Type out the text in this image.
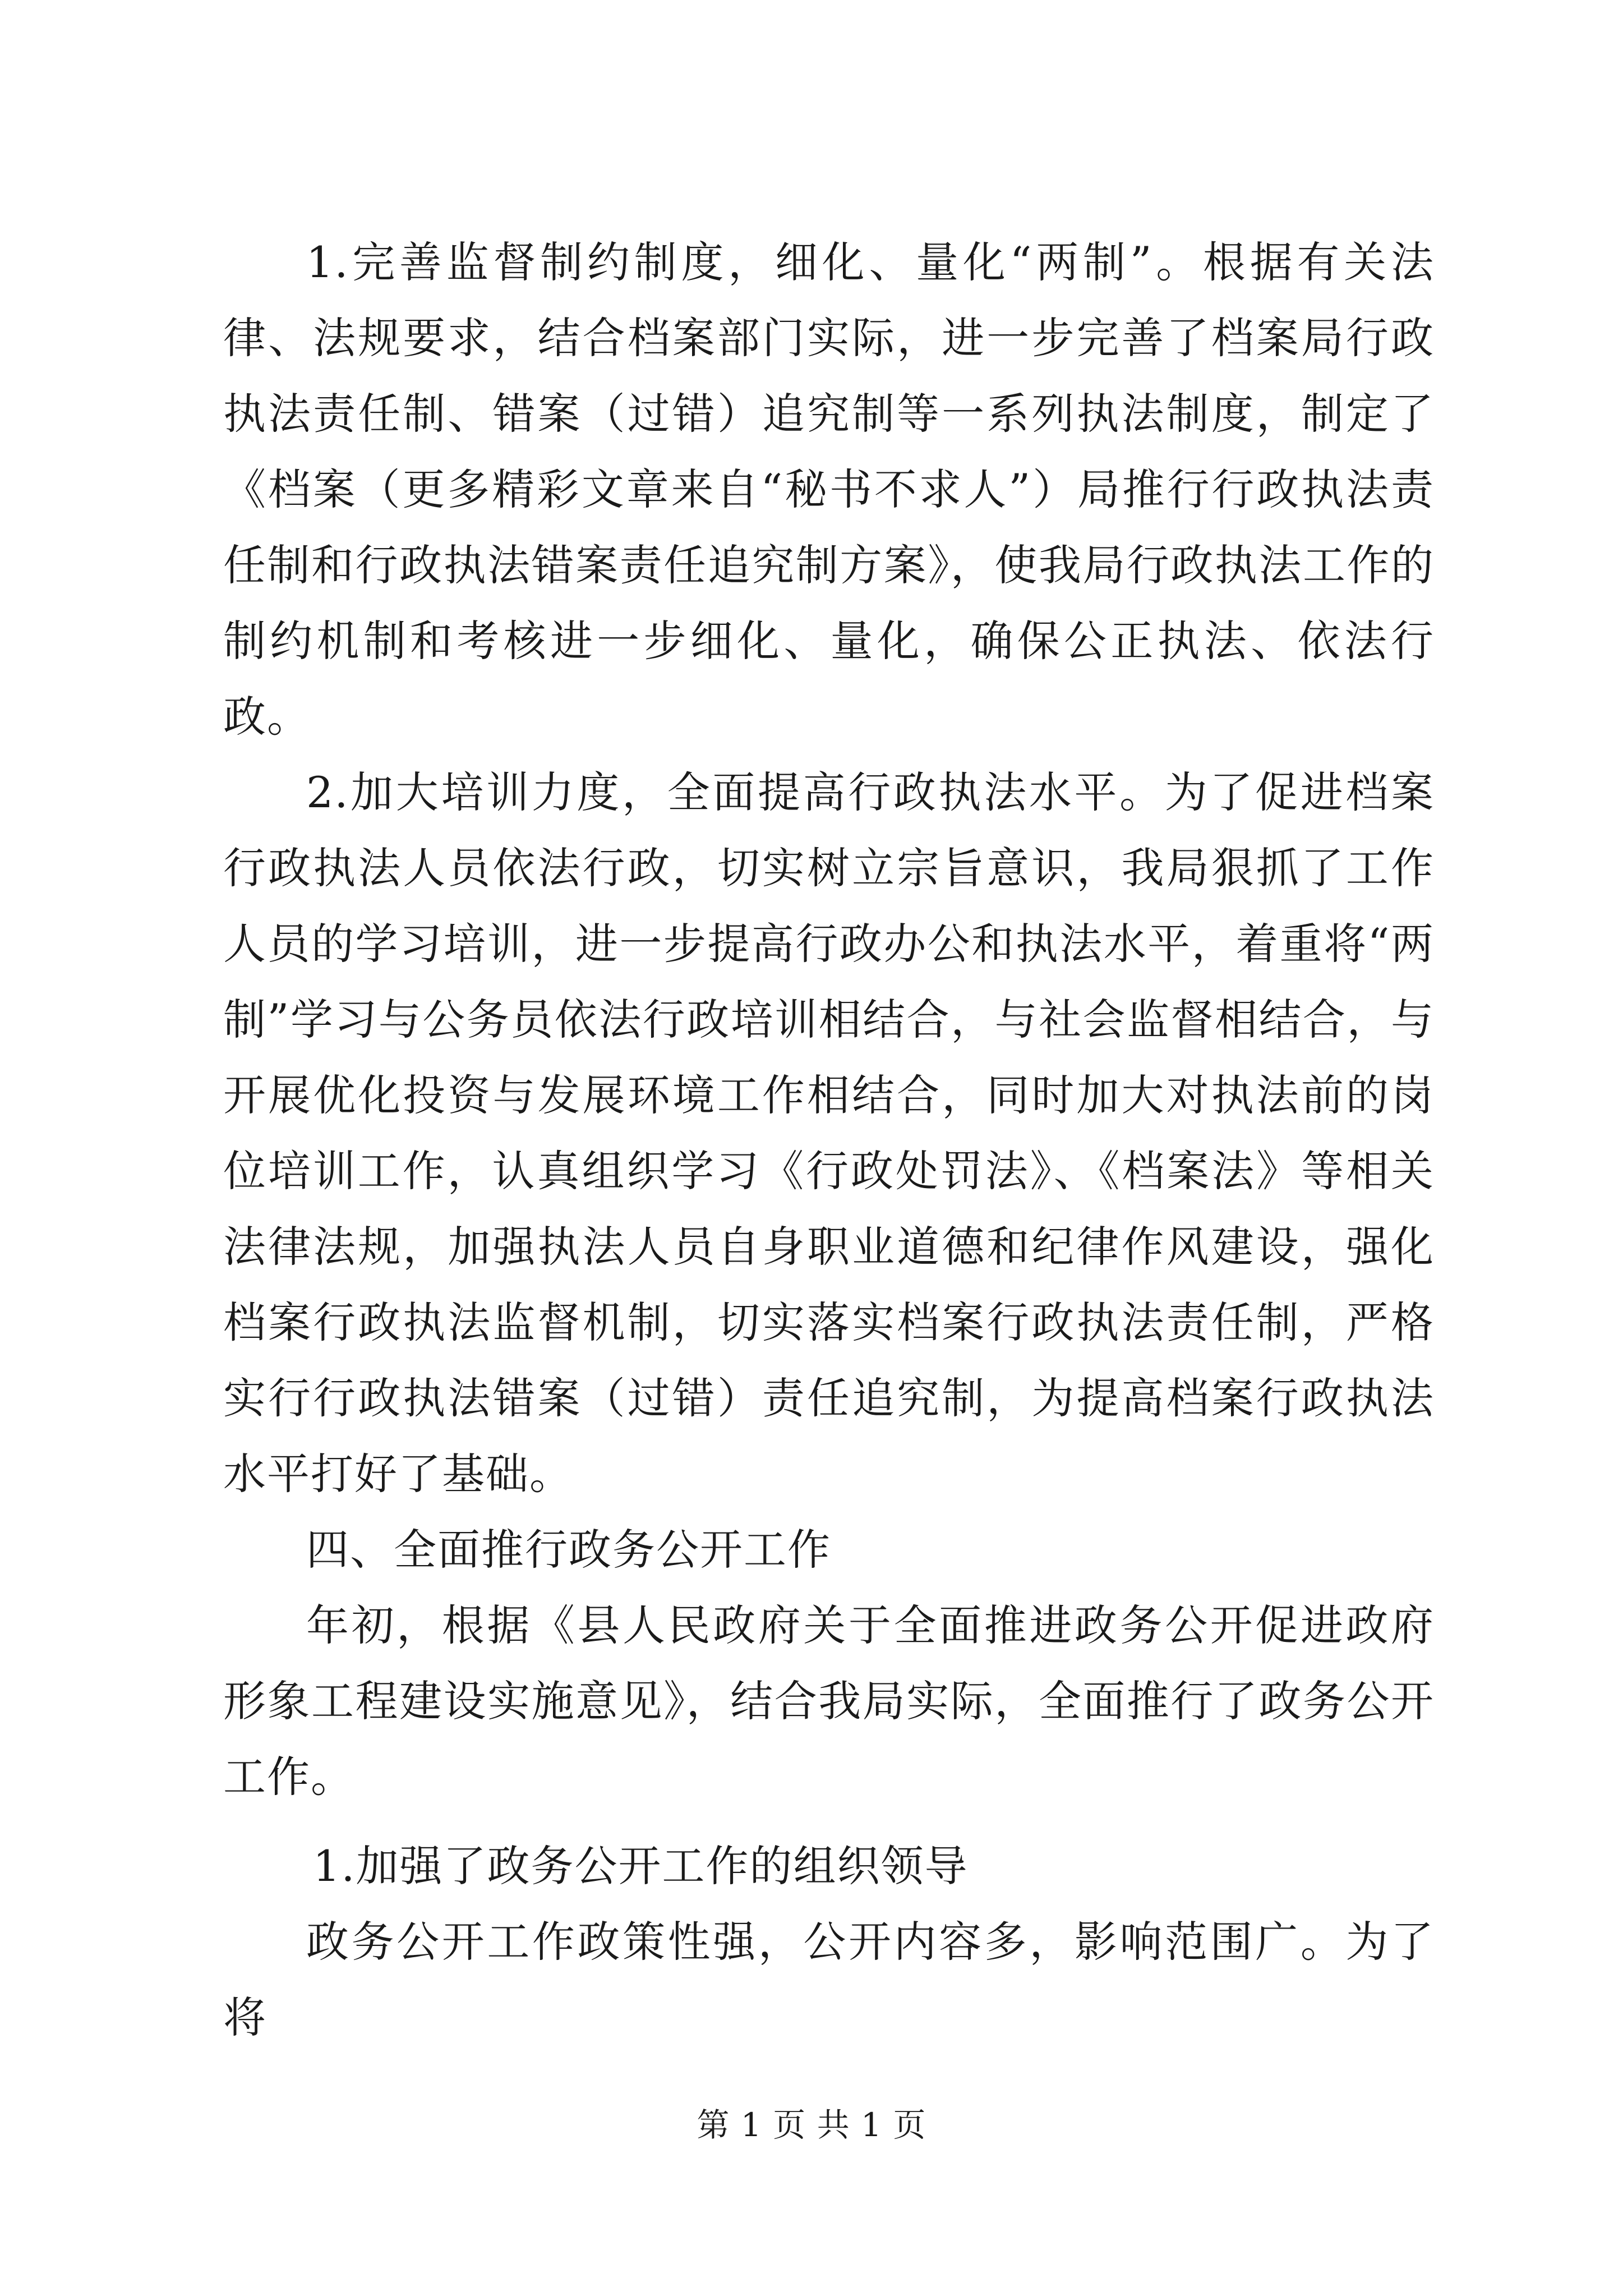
1.完善监督制约制度，细化、量化“两制”。根据有关法律、法规要求，结合档案部门实际，进一步完善了档案局行政执法责任制、错案（过错）追究制等一系列执法制度，制定了《档案（更多精彩文章来自“秘书不求人”）局推行行政执法责任制和行政执法错案责任追究制方案》，使我局行政执法工作的制约机制和考核进一步细化、量化，确保公正执法、依法行政。

2.加大培训力度，全面提高行政执法水平。为了促进档案行政执法人员依法行政，切实树立宗旨意识，我局狠抓了工作人员的学习培训，进一步提高行政办公和执法水平，着重将“两制”学习与公务员依法行政培训相结合，与社会监督相结合，与开展优化投资与发展环境工作相结合，同时加大对执法前的岗位培训工作，认真组织学习《行政处罚法》、《档案法》等相关法律法规，加强执法人员自身职业道德和纪律作风建设，强化档案行政执法监督机制，切实落实档案行政执法责任制，严格实行行政执法错案（过错）责任追究制，为提高档案行政执法水平打好了基础。

四、全面推行政务公开工作

年初，根据《县人民政府关于全面推进政务公开促进政府形象工程建设实施意见》，结合我局实际，全面推行了政务公开工作。

1.加强了政务公开工作的组织领导

政务公开工作政策性强，公开内容多，影响范围广。为了将

第 1 页 共 1 页
